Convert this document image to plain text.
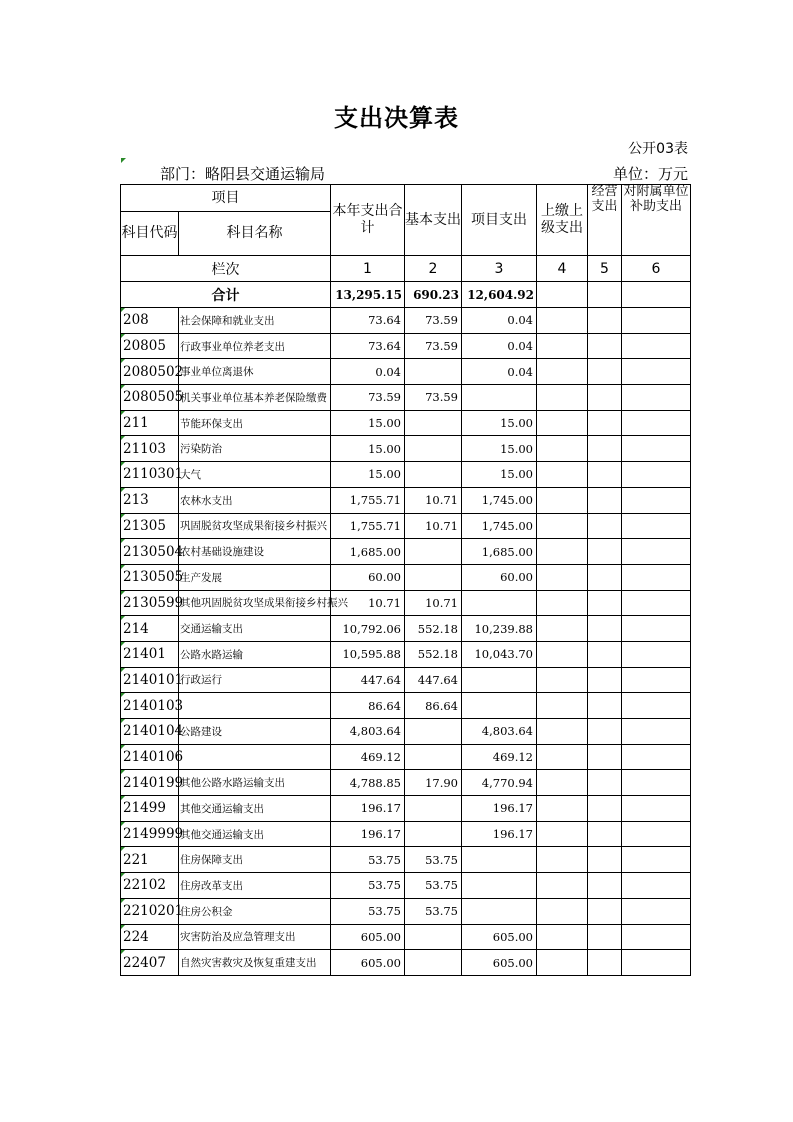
支出决算表
公开03表
部门：略阳县交通运输局	单位：万元
项目		本年支出合计	基本支出	项目支出	上缴上级支出	经营支出	对附属单位补助支出
科目代码	科目名称						
栏次		1	2	3	4	5	6
合计		13,295.15	690.23	12,604.92			
208	社会保障和就业支出	73.64	73.59	0.04			
20805	行政事业单位养老支出	73.64	73.59	0.04			
2080502	事业单位离退休	0.04		0.04			
2080505	机关事业单位基本养老保险缴费	73.59	73.59				
211	节能环保支出	15.00		15.00			
21103	污染防治	15.00		15.00			
2110301	大气	15.00		15.00			
213	农林水支出	1,755.71	10.71	1,745.00			
21305	巩固脱贫攻坚成果衔接乡村振兴	1,755.71	10.71	1,745.00			
2130504	农村基础设施建设	1,685.00		1,685.00			
2130505	生产发展	60.00		60.00			
2130599	其他巩固脱贫攻坚成果衔接乡村振兴	10.71	10.71				
214	交通运输支出	10,792.06	552.18	10,239.88			
21401	公路水路运输	10,595.88	552.18	10,043.70			
2140101	行政运行	447.64	447.64				
2140103		86.64	86.64				
2140104	公路建设	4,803.64		4,803.64			
2140106		469.12		469.12			
2140199	其他公路水路运输支出	4,788.85	17.90	4,770.94			
21499	其他交通运输支出	196.17		196.17			
2149999	其他交通运输支出	196.17		196.17			
221	住房保障支出	53.75	53.75				
22102	住房改革支出	53.75	53.75				
2210201	住房公积金	53.75	53.75				
224	灾害防治及应急管理支出	605.00		605.00			
22407	自然灾害救灾及恢复重建支出	605.00		605.00			
